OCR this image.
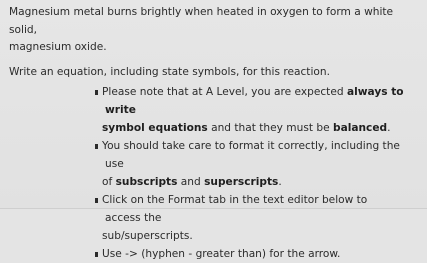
Magnesium metal burns brightly when heated in oxygen to form a white solid,
magnesium oxide.

Write an equation, including state symbols, for this reaction.

Please note that at A Level, you are expected always to write
symbol equations and that they must be balanced.
You should take care to format it correctly, including the use
of subscripts and superscripts.
Click on the Format tab in the text editor below to access the
sub/superscripts.
Use -> (hyphen - greater than) for the arrow.
